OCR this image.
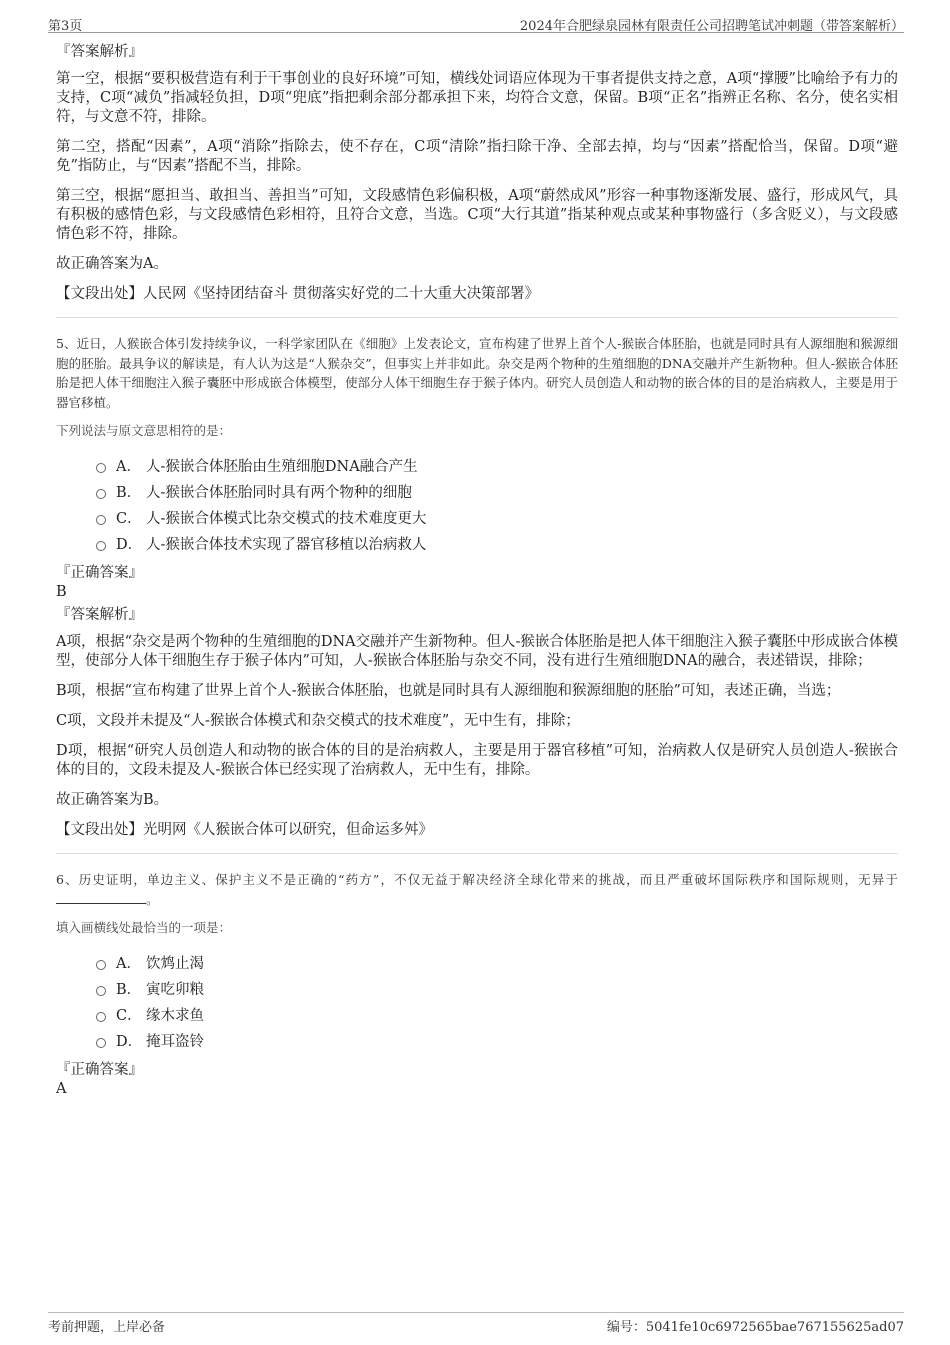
第3页	2024年合肥绿泉园林有限责任公司招聘笔试冲刺题（带答案解析）

『答案解析』

第一空，根据“要积极营造有利于干事创业的良好环境”可知，横线处词语应体现为干事者提供支持之意，A项“撑腰”比喻给予有力的支持，C项“减负”指减轻负担，D项“兜底”指把剩余部分都承担下来，均符合文意，保留。B项“正名”指辨正名称、名分，使名实相符，与文意不符，排除。

第二空，搭配“因素”，A项“消除”指除去，使不存在，C项“清除”指扫除干净、全部去掉，均与“因素”搭配恰当，保留。D项“避免”指防止，与“因素”搭配不当，排除。

第三空，根据“愿担当、敢担当、善担当”可知，文段感情色彩偏积极，A项“蔚然成风”形容一种事物逐渐发展、盛行，形成风气，具有积极的感情色彩，与文段感情色彩相符，且符合文意，当选。C项“大行其道”指某种观点或某种事物盛行（多含贬义），与文段感情色彩不符，排除。

故正确答案为A。

【文段出处】人民网《坚持团结奋斗 贯彻落实好党的二十大重大决策部署》

5、近日，人猴嵌合体引发持续争议，一科学家团队在《细胞》上发表论文，宣布构建了世界上首个人-猴嵌合体胚胎，也就是同时具有人源细胞和猴源细胞的胚胎。最具争议的解读是，有人认为这是“人猴杂交”，但事实上并非如此。杂交是两个物种的生殖细胞的DNA交融并产生新物种。但人-猴嵌合体胚胎是把人体干细胞注入猴子囊胚中形成嵌合体模型，使部分人体干细胞生存于猴子体内。研究人员创造人和动物的嵌合体的目的是治病救人，主要是用于器官移植。

下列说法与原文意思相符的是：

A． 人-猴嵌合体胚胎由生殖细胞DNA融合产生
B． 人-猴嵌合体胚胎同时具有两个物种的细胞
C． 人-猴嵌合体模式比杂交模式的技术难度更大
D． 人-猴嵌合体技术实现了器官移植以治病救人

『正确答案』

B

『答案解析』

A项，根据“杂交是两个物种的生殖细胞的DNA交融并产生新物种。但人-猴嵌合体胚胎是把人体干细胞注入猴子囊胚中形成嵌合体模型，使部分人体干细胞生存于猴子体内”可知，人-猴嵌合体胚胎与杂交不同，没有进行生殖细胞DNA的融合，表述错误，排除；

B项，根据“宣布构建了世界上首个人-猴嵌合体胚胎，也就是同时具有人源细胞和猴源细胞的胚胎”可知，表述正确，当选；

C项，文段并未提及“人-猴嵌合体模式和杂交模式的技术难度”，无中生有，排除；

D项，根据“研究人员创造人和动物的嵌合体的目的是治病救人，主要是用于器官移植”可知，治病救人仅是研究人员创造人-猴嵌合体的目的，文段未提及人-猴嵌合体已经实现了治病救人，无中生有，排除。

故正确答案为B。

【文段出处】光明网《人猴嵌合体可以研究，但命运多舛》

6、历史证明，单边主义、保护主义不是正确的“药方”，不仅无益于解决经济全球化带来的挑战，而且严重破坏国际秩序和国际规则，无异于。

填入画横线处最恰当的一项是：

A． 饮鸩止渴
B． 寅吃卯粮
C． 缘木求鱼
D． 掩耳盗铃

『正确答案』

A

考前押题，上岸必备	编号：5041fe10c6972565bae767155625ad07
